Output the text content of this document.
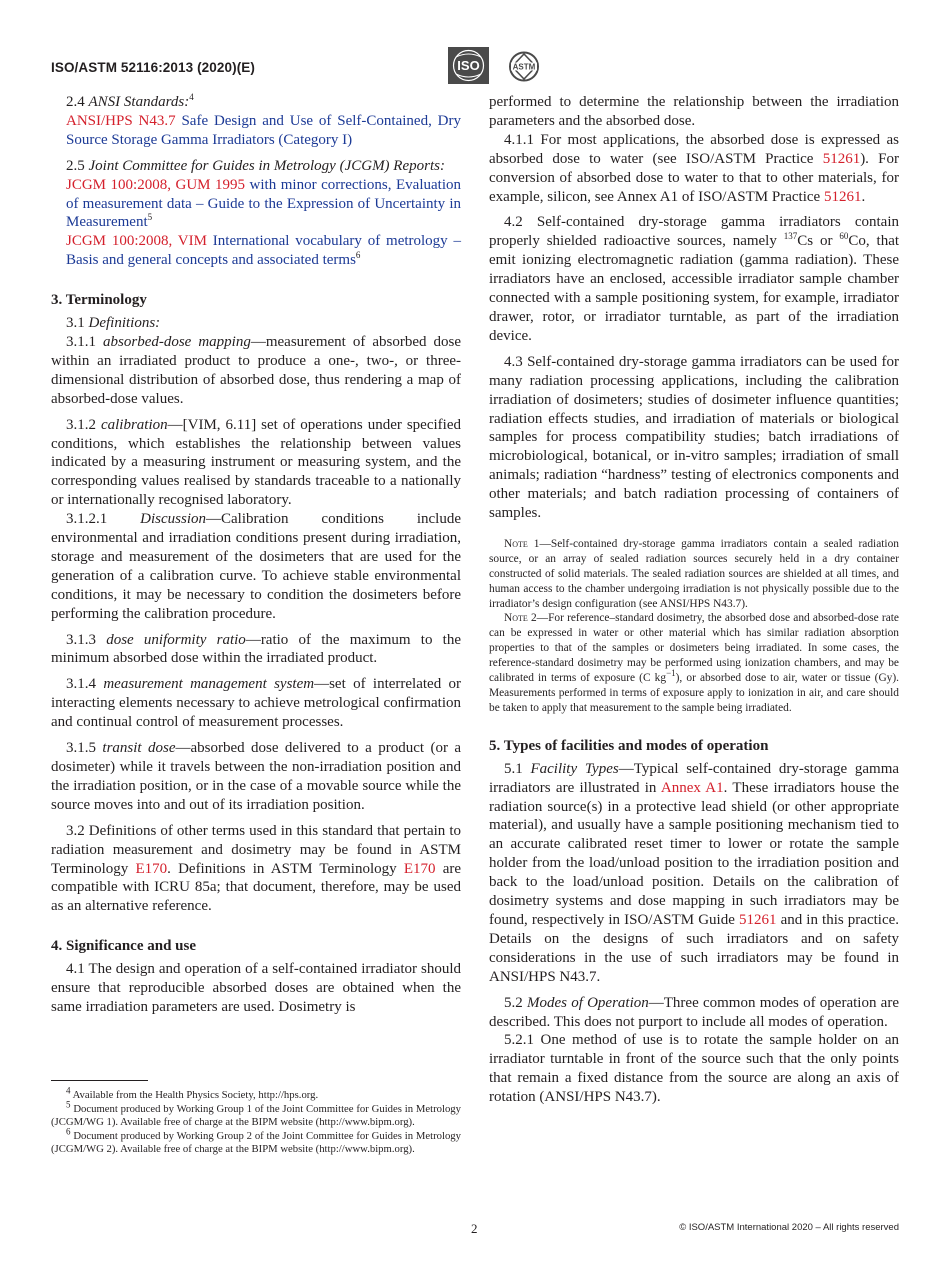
ISO/ASTM 52116:2013 (2020)(E)	ISO	ASTM

2.4 ANSI Standards:$^4$

ANSI/HPS N43.7 Safe Design and Use of Self-Contained, Dry Source Storage Gamma Irradiators (Category I)

2.5 Joint Committee for Guides in Metrology (JCGM) Reports:

JCGM 100:2008, GUM 1995 with minor corrections, Evaluation of measurement data – Guide to the Expression of Uncertainty in Measurement$^5$

JCGM 100:2008, VIM International vocabulary of metrology – Basis and general concepts and associated terms$^6$

3. Terminology

3.1 Definitions:

3.1.1 absorbed-dose mapping—measurement of absorbed dose within an irradiated product to produce a one-, two-, or three-dimensional distribution of absorbed dose, thus rendering a map of absorbed-dose values.

3.1.2 calibration—[VIM, 6.11] set of operations under specified conditions, which establishes the relationship between values indicated by a measuring instrument or measuring system, and the corresponding values realised by standards traceable to a nationally or internationally recognised laboratory.

3.1.2.1 Discussion—Calibration conditions include environmental and irradiation conditions present during irradiation, storage and measurement of the dosimeters that are used for the generation of a calibration curve. To achieve stable environmental conditions, it may be necessary to condition the dosimeters before performing the calibration procedure.

3.1.3 dose uniformity ratio—ratio of the maximum to the minimum absorbed dose within the irradiated product.

3.1.4 measurement management system—set of interrelated or interacting elements necessary to achieve metrological confirmation and continual control of measurement processes.

3.1.5 transit dose—absorbed dose delivered to a product (or a dosimeter) while it travels between the non-irradiation position and the irradiation position, or in the case of a movable source while the source moves into and out of its irradiation position.

3.2 Definitions of other terms used in this standard that pertain to radiation measurement and dosimetry may be found in ASTM Terminology E170. Definitions in ASTM Terminology E170 are compatible with ICRU 85a; that document, therefore, may be used as an alternative reference.

4. Significance and use

4.1 The design and operation of a self-contained irradiator should ensure that reproducible absorbed doses are obtained when the same irradiation parameters are used. Dosimetry is

$^4$ Available from the Health Physics Society, http://hps.org.

$^5$ Document produced by Working Group 1 of the Joint Committee for Guides in Metrology (JCGM/WG 1). Available free of charge at the BIPM website (http://www.bipm.org).

$^6$ Document produced by Working Group 2 of the Joint Committee for Guides in Metrology (JCGM/WG 2). Available free of charge at the BIPM website (http://www.bipm.org).

performed to determine the relationship between the irradiation parameters and the absorbed dose.

4.1.1 For most applications, the absorbed dose is expressed as absorbed dose to water (see ISO/ASTM Practice 51261). For conversion of absorbed dose to water to that to other materials, for example, silicon, see Annex A1 of ISO/ASTM Practice 51261.

4.2 Self-contained dry-storage gamma irradiators contain properly shielded radioactive sources, namely $^{137}$Cs or $^{60}$Co, that emit ionizing electromagnetic radiation (gamma radiation). These irradiators have an enclosed, accessible irradiator sample chamber connected with a sample positioning system, for example, irradiator drawer, rotor, or irradiator turntable, as part of the irradiation device.

4.3 Self-contained dry-storage gamma irradiators can be used for many radiation processing applications, including the calibration irradiation of dosimeters; studies of dosimeter influence quantities; radiation effects studies, and irradiation of materials or biological samples for process compatibility studies; batch irradiations of microbiological, botanical, or in-vitro samples; irradiation of small animals; radiation “hardness” testing of electronics components and other materials; and batch radiation processing of containers of samples.

Note 1—Self-contained dry-storage gamma irradiators contain a sealed radiation source, or an array of sealed radiation sources securely held in a dry container constructed of solid materials. The sealed radiation sources are shielded at all times, and human access to the chamber undergoing irradiation is not physically possible due to the irradiator’s design configuration (see ANSI/HPS N43.7).

Note 2—For reference–standard dosimetry, the absorbed dose and absorbed-dose rate can be expressed in water or other material which has similar radiation absorption properties to that of the samples or dosimeters being irradiated. In some cases, the reference-standard dosimetry may be performed using ionization chambers, and may be calibrated in terms of exposure (C $kg^{-1}$), or absorbed dose to air, water or tissue (Gy). Measurements performed in terms of exposure apply to ionization in air, and care should be taken to apply that measurement to the sample being irradiated.

5. Types of facilities and modes of operation

5.1 Facility Types—Typical self-contained dry-storage gamma irradiators are illustrated in Annex A1. These irradiators house the radiation source(s) in a protective lead shield (or other appropriate material), and usually have a sample positioning mechanism tied to an accurate calibrated reset timer to lower or rotate the sample holder from the load/unload position to the irradiation position and back to the load/unload position. Details on the calibration of dosimetry systems and dose mapping in such irradiators may be found, respectively in ISO/ASTM Guide 51261 and in this practice. Details on the designs of such irradiators and on safety considerations in the use of such irradiators may be found in ANSI/HPS N43.7.

5.2 Modes of Operation—Three common modes of operation are described. This does not purport to include all modes of operation.

5.2.1 One method of use is to rotate the sample holder on an irradiator turntable in front of the source such that the only points that remain a fixed distance from the source are along an axis of rotation (ANSI/HPS N43.7).

2	© ISO/ASTM International 2020 – All rights reserved
